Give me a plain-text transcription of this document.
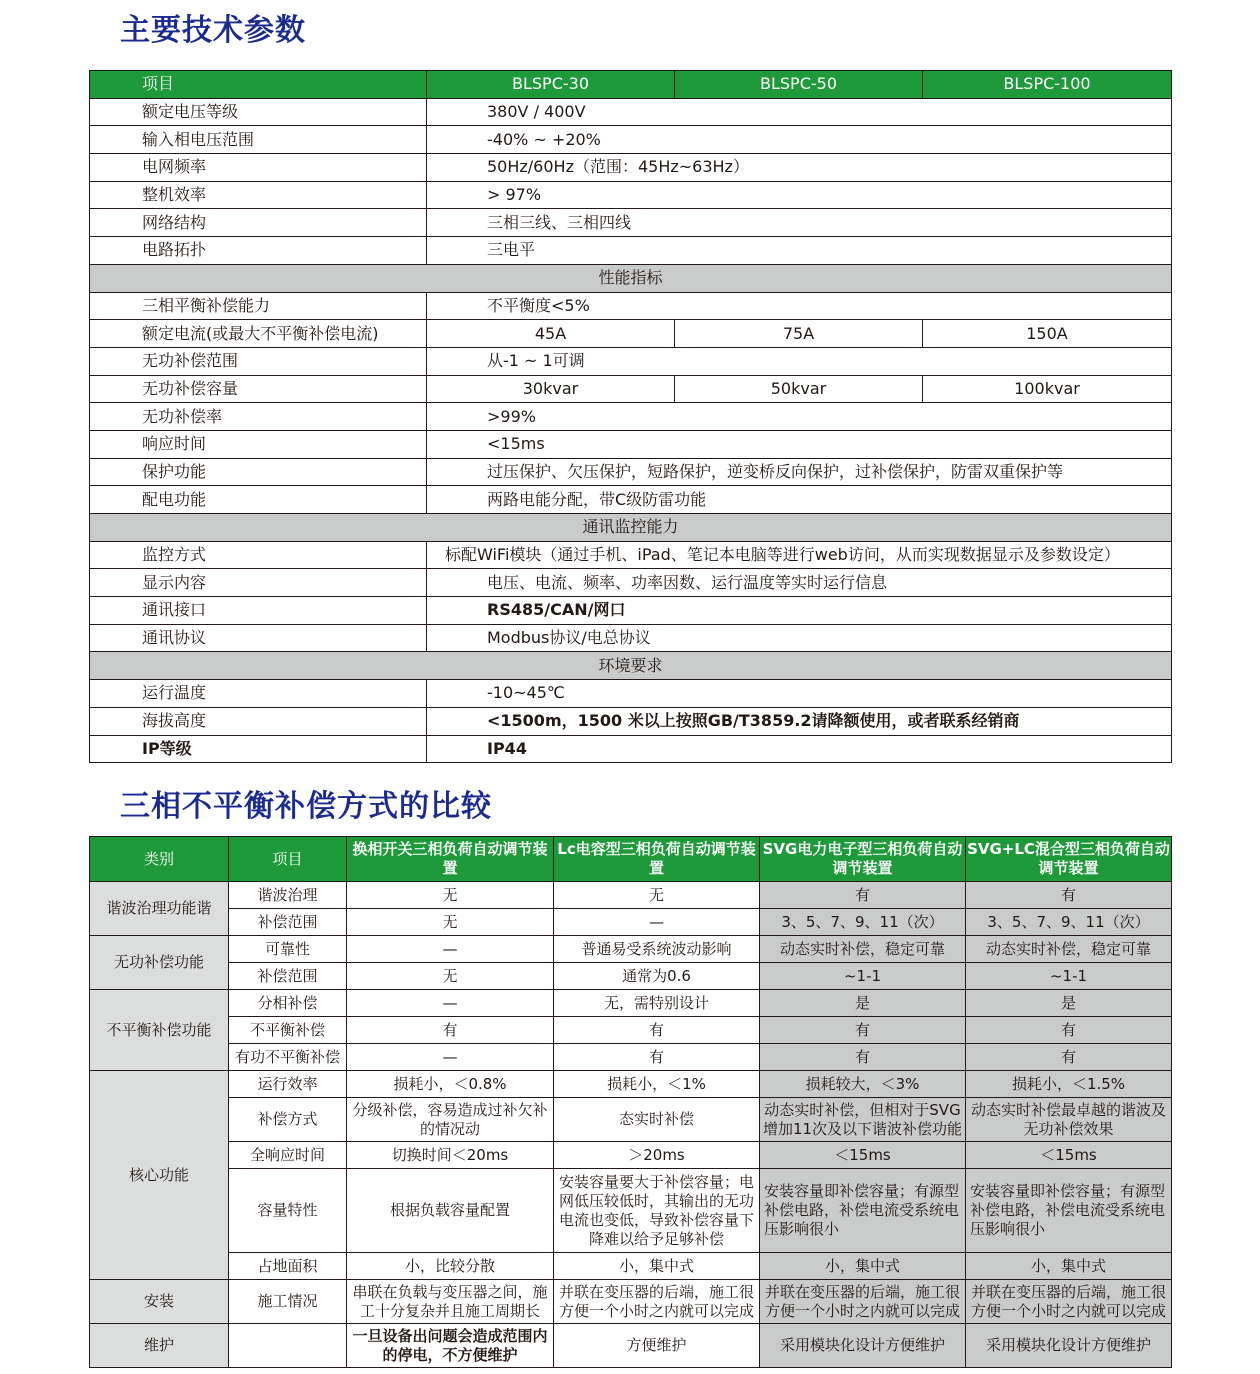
主要技术参数
项目	BLSPC-30	BLSPC-50	BLSPC-100
额定电压等级	380V / 400V		
输入相电压范围	-40% ~ +20%		
电网频率	50Hz/60Hz（范围：45Hz~63Hz）		
整机效率	> 97%		
网络结构	三相三线、三相四线		
电路拓扑	三电平		
性能指标			
三相平衡补偿能力	不平衡度<5%		
额定电流(或最大不平衡补偿电流)	45A	75A	150A
无功补偿范围	从-1 ~ 1可调		
无功补偿容量	30kvar	50kvar	100kvar
无功补偿率	>99%		
响应时间	<15ms		
保护功能	过压保护、欠压保护，短路保护，逆变桥反向保护，过补偿保护，防雷双重保护等		
配电功能	两路电能分配，带C级防雷功能		
通讯监控能力			
监控方式	标配WiFi模块（通过手机、iPad、笔记本电脑等进行web访问，从而实现数据显示及参数设定）		
显示内容	电压、电流、频率、功率因数、运行温度等实时运行信息		
通讯接口	RS485/CAN/网口		
通讯协议	Modbus协议/电总协议		
环境要求			
运行温度	-10~45℃		
海拔高度	<1500m，1500 米以上按照GB/T3859.2请降额使用，或者联系经销商		
IP等级	IP44		
三相不平衡补偿方式的比较
类别	项目	换相开关三相负荷自动调节装置	Lc电容型三相负荷自动调节装置	SVG电力电子型三相负荷自动调节装置	SVG+LC混合型三相负荷自动调节装置
谐波治理功能谐	谐波治理	无	无	有	有
	补偿范围	无	—	3、5、7、9、11（次）	3、5、7、9、11（次）
无功补偿功能	可靠性	—	普通易受系统波动影响	动态实时补偿，稳定可靠	动态实时补偿，稳定可靠
	补偿范围	无	通常为0.6	~1-1	~1-1
不平衡补偿功能	分相补偿	—	无，需特别设计	是	是
	不平衡补偿	有	有	有	有
	有功不平衡补偿	—	有	有	有
核心功能	运行效率	损耗小，＜0.8%	损耗小，＜1%	损耗较大，＜3%	损耗小，＜1.5%
	补偿方式	分级补偿，容易造成过补欠补的情况动	态实时补偿	动态实时补偿，但相对于SVG增加11次及以下谐波补偿功能	动态实时补偿最卓越的谐波及无功补偿效果
	全响应时间	切换时间＜20ms	＞20ms	＜15ms	＜15ms
	容量特性	根据负载容量配置	安装容量要大于补偿容量；电网低压较低时，其输出的无功电流也变低，导致补偿容量下降难以给予足够补偿	安装容量即补偿容量；有源型补偿电路，补偿电流受系统电压影响很小	安装容量即补偿容量；有源型补偿电路，补偿电流受系统电压影响很小
	占地面积	小，比较分散	小，集中式	小，集中式	小，集中式
安装	施工情况	串联在负载与变压器之间，施工十分复杂并且施工周期长	并联在变压器的后端，施工很方便一个小时之内就可以完成	并联在变压器的后端，施工很方便一个小时之内就可以完成	并联在变压器的后端，施工很方便一个小时之内就可以完成
维护		一旦设备出问题会造成范围内的停电，不方便维护	方便维护	采用模块化设计方便维护	采用模块化设计方便维护
